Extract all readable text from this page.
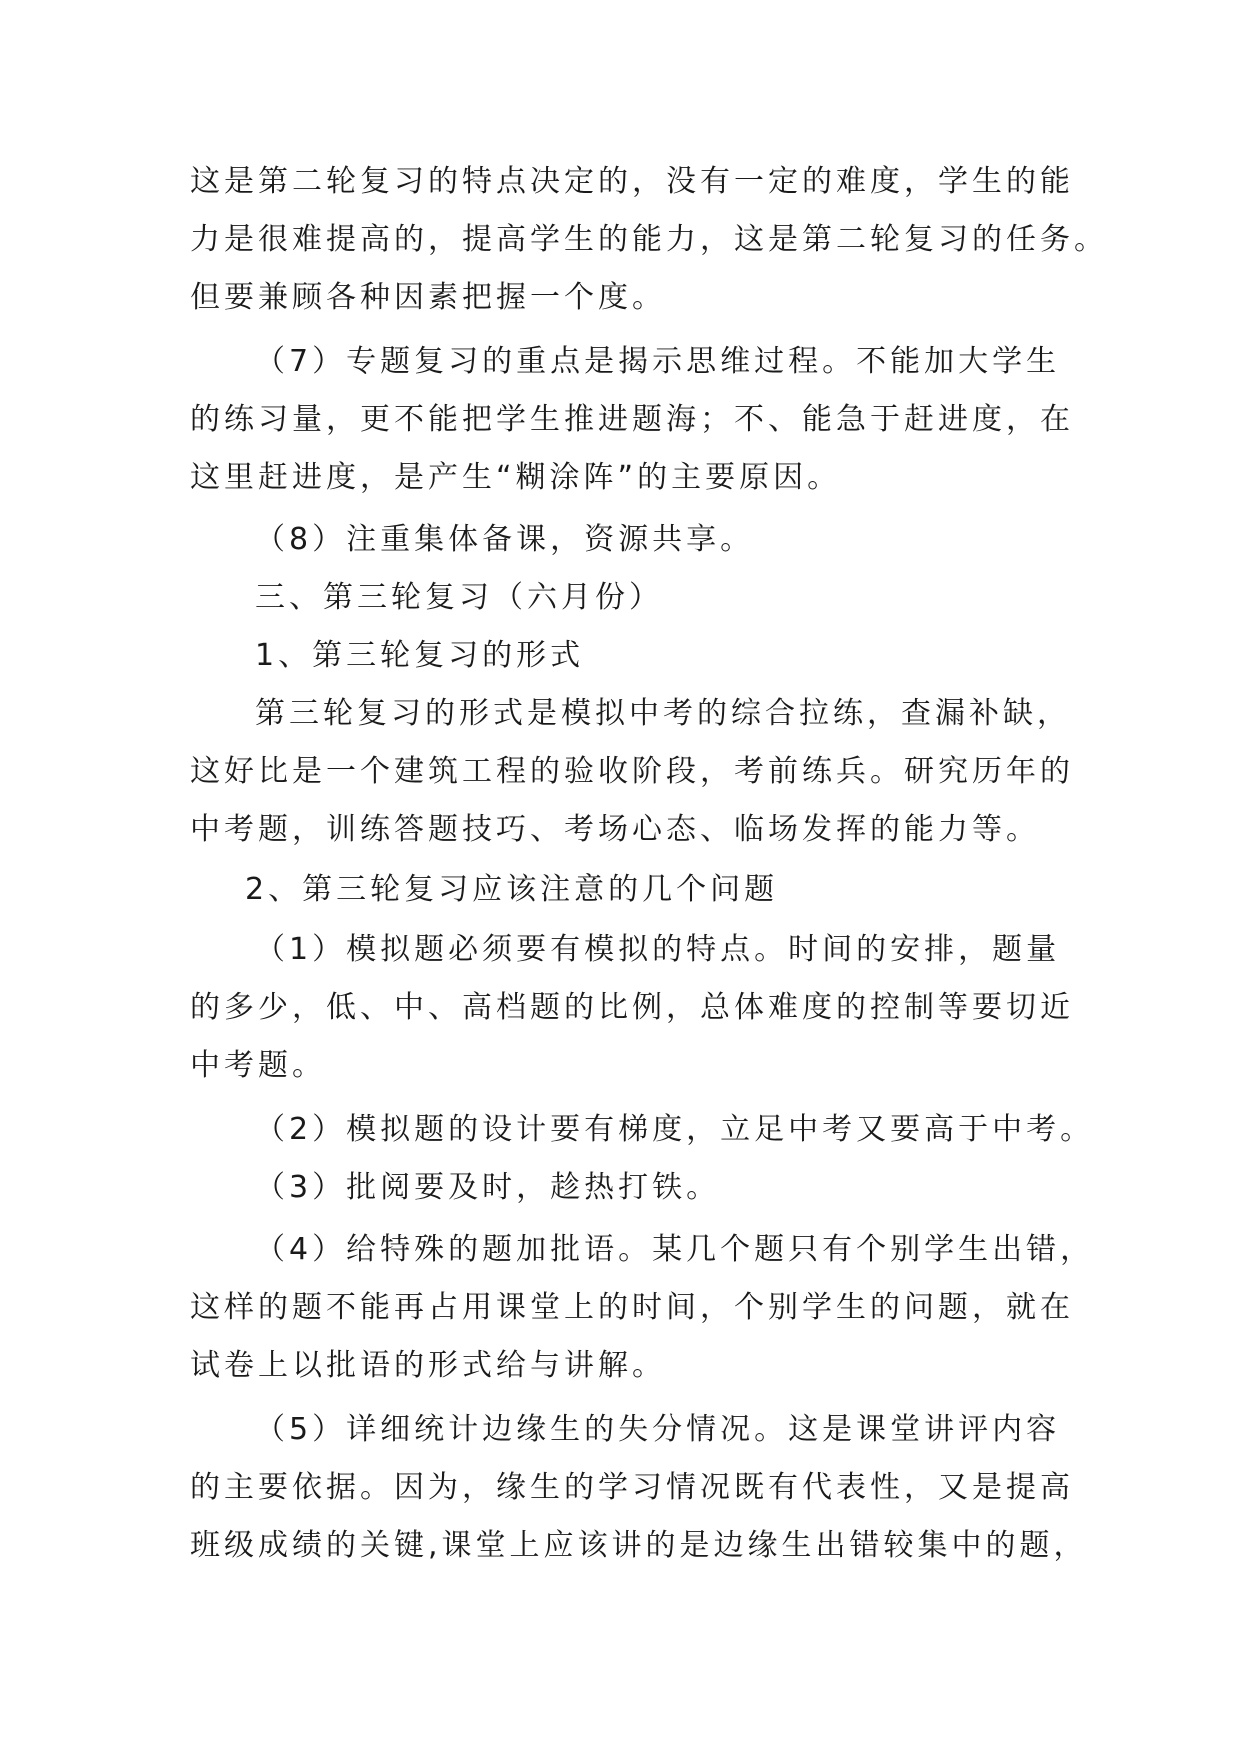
这是第二轮复习的特点决定的，没有一定的难度，学生的能
力是很难提高的，提高学生的能力，这是第二轮复习的任务。
但要兼顾各种因素把握一个度。
（7）专题复习的重点是揭示思维过程。不能加大学生
的练习量，更不能把学生推进题海；不、能急于赶进度，在
这里赶进度，是产生“糊涂阵”的主要原因。
（8）注重集体备课，资源共享。
三、第三轮复习（六月份）
1、第三轮复习的形式
第三轮复习的形式是模拟中考的综合拉练，查漏补缺，
这好比是一个建筑工程的验收阶段，考前练兵。研究历年的
中考题，训练答题技巧、考场心态、临场发挥的能力等。
2、第三轮复习应该注意的几个问题
（1）模拟题必须要有模拟的特点。时间的安排，题量
的多少，低、中、高档题的比例，总体难度的控制等要切近
中考题。
（2）模拟题的设计要有梯度，立足中考又要高于中考。
（3）批阅要及时，趁热打铁。
（4）给特殊的题加批语。某几个题只有个别学生出错，
这样的题不能再占用课堂上的时间，个别学生的问题，就在
试卷上以批语的形式给与讲解。
（5）详细统计边缘生的失分情况。这是课堂讲评内容
的主要依据。因为，缘生的学习情况既有代表性，又是提高
班级成绩的关键,课堂上应该讲的是边缘生出错较集中的题，
